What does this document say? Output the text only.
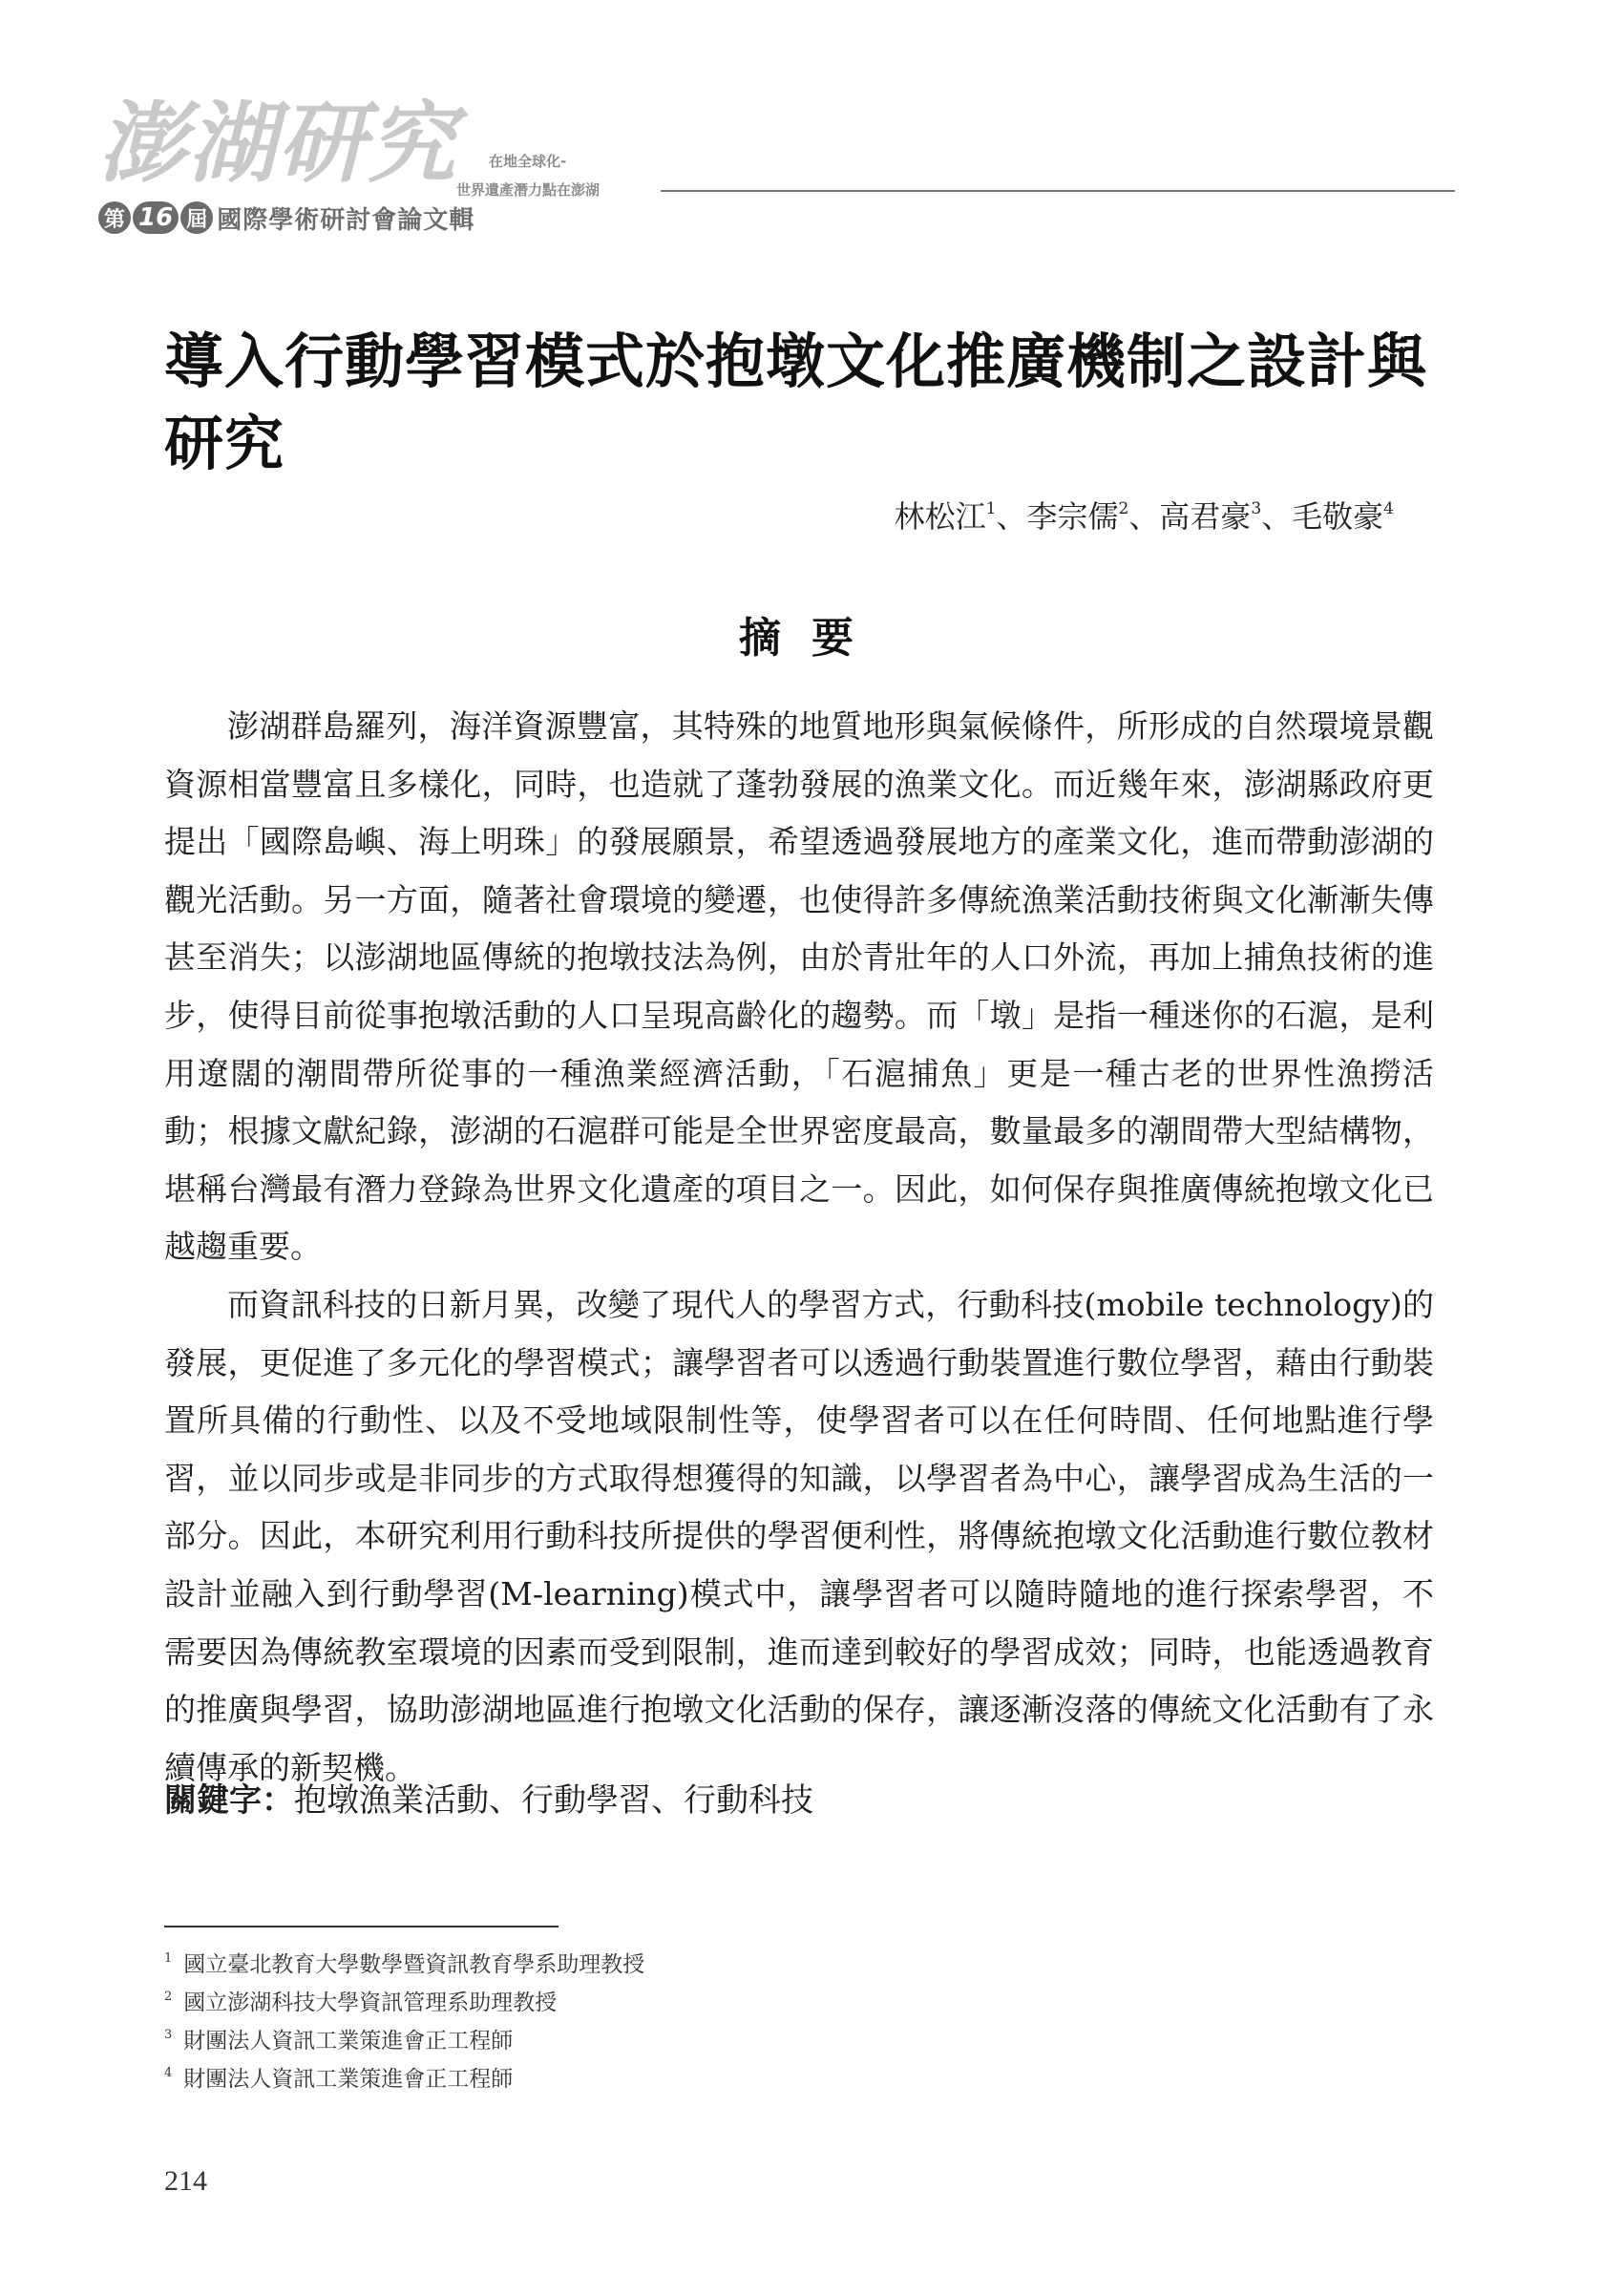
澎湖研究
第 16 屆 國際學術研討會論文輯
在地全球化-
世界遺產潛力點在澎湖
導入行動學習模式於抱墩文化推廣機制之設計與研究
林松江$^1$、李宗儒$^2$、高君豪$^3$、毛敬豪$^4$
摘要

澎湖群島羅列，海洋資源豐富，其特殊的地質地形與氣候條件，所形成的自然環境景觀資源相當豐富且多樣化，同時，也造就了蓬勃發展的漁業文化。而近幾年來，澎湖縣政府更提出「國際島嶼、海上明珠」的發展願景，希望透過發展地方的產業文化，進而帶動澎湖的觀光活動。另一方面，隨著社會環境的變遷，也使得許多傳統漁業活動技術與文化漸漸失傳甚至消失；以澎湖地區傳統的抱墩技法為例，由於青壯年的人口外流，再加上捕魚技術的進步，使得目前從事抱墩活動的人口呈現高齡化的趨勢。而「墩」是指一種迷你的石滬，是利用遼闊的潮間帶所從事的一種漁業經濟活動，「石滬捕魚」更是一種古老的世界性漁撈活動；根據文獻紀錄，澎湖的石滬群可能是全世界密度最高，數量最多的潮間帶大型結構物，堪稱台灣最有潛力登錄為世界文化遺產的項目之一。因此，如何保存與推廣傳統抱墩文化已越趨重要。

而資訊科技的日新月異，改變了現代人的學習方式，行動科技(mobile technology)的發展，更促進了多元化的學習模式；讓學習者可以透過行動裝置進行數位學習，藉由行動裝置所具備的行動性、以及不受地域限制性等，使學習者可以在任何時間、任何地點進行學習，並以同步或是非同步的方式取得想獲得的知識，以學習者為中心，讓學習成為生活的一部分。因此，本研究利用行動科技所提供的學習便利性，將傳統抱墩文化活動進行數位教材設計並融入到行動學習(M-learning)模式中，讓學習者可以隨時隨地的進行探索學習，不需要因為傳統教室環境的因素而受到限制，進而達到較好的學習成效；同時，也能透過教育的推廣與學習，協助澎湖地區進行抱墩文化活動的保存，讓逐漸沒落的傳統文化活動有了永續傳承的新契機。

關鍵字：抱墩漁業活動、行動學習、行動科技
$^1$ 國立臺北教育大學數學暨資訊教育學系助理教授
$^2$ 國立澎湖科技大學資訊管理系助理教授
$^3$ 財團法人資訊工業策進會正工程師
$^4$ 財團法人資訊工業策進會正工程師
214
